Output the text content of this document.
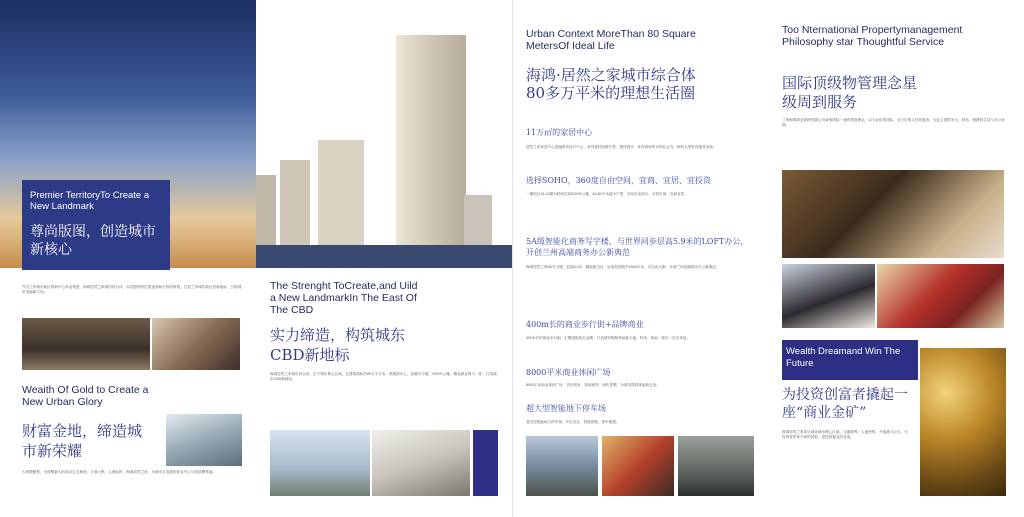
Premier TerritoryTo Create a New Landmark
尊尚版图，创造城市新核心
作为兰州城东新区的新中心商业集团，海鸿居然之家城市综合体，以其独特的位置优势和宏伟的规划，打造兰州城东新区首席地标，引领城市发展新方向。
Weaith Of Gold to Create a New Urban Glory
财富金地，缔造城市新荣耀
大规模聚集，为规模最大的商业生态系统，万商云集，人流如织，海鸿居然之家，为城市打造新的商业中心与财富聚集地。
The Strenght ToCreate,and Uild a New LandmarkIn The East Of The CBD
实力缔造，构筑城东CBD新地标
海鸿居然之家城市综合体，位于城东核心区域，总建筑面积约80万平方米，集购物中心、高端写字楼、SOHO公寓、精品商业街于一体，打造城东CBD新地标。
Urban Context MoreThan 80 Square MetersOf Ideal Life
海鸿·居然之家城市综合体80多万平米的理想生活圈
11万㎡的家居中心
居然之家家居中心是融家居设计中心、家具建材品牌专营、建材超市、家具商场等多种业态为一体的大型家具建材卖场。
选择SOHO，360度自由空间，宜商、宜居、宜投资
一期项目18-24楼为时尚空间SOHO公寓，40-80平米超小户型，空间自由组合，可居可商，宜商宜居。
5A级智能化商务写字楼，与世界同步层高5.9米的LOFT办公，开创兰州高端商务办公新典范
海鸿居然之家5A写字楼，层高5.9米，精装修交付，标准层面积约1600平米，可自由分割，开创兰州高端商务办公新典范。
400m长的商业步行街+品牌商业
400米长的商业步行街，汇聚国际知名品牌，打造城东购物休闲新天地，时尚、休闲、娱乐一站式体验。
8000平米商业休闲广场
8000平米商业休闲广场，音乐喷泉、休闲座椅、绿化景观，为城市提供休闲新去处。
超大型智能地下停车场
超大型智能地下停车场，车位充足，智能管理，停车便捷。
Too Nternational Propertymanagement Philosophy star Thoughtful Service
国际顶级物管理念星级周到服务
兰州海鸿物业管理有限公司秉承国际一流的物管理念，以专业化的团队、全方位的人性化服务，为业主提供安全、舒适、便捷的生活与办公环境。
Wealth Dreamand Win The Future
为投资创富者撬起一座“商业金矿”
海鸿居然之家项目地处城东核心区域，交通便利，人流密集，升值潜力巨大，为投资者带来丰厚的回报，是投资置业的首选。
